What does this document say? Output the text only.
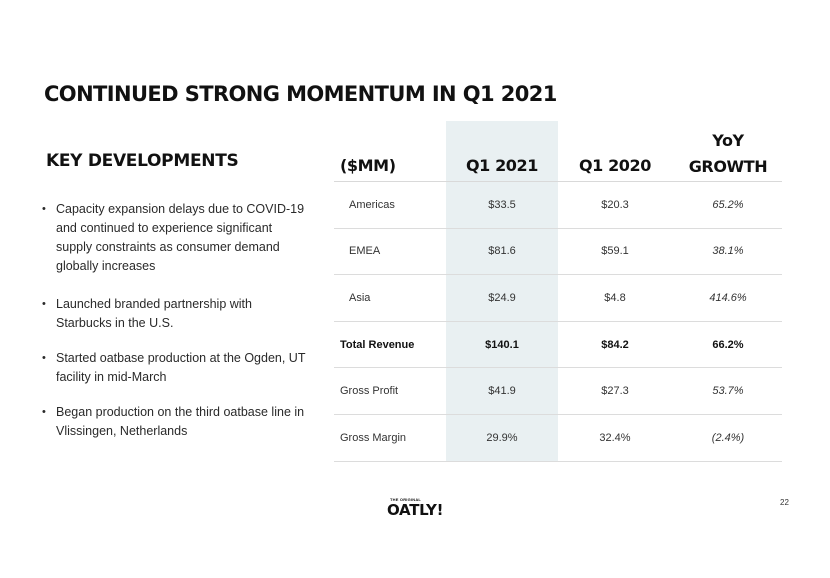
CONTINUED STRONG MOMENTUM IN Q1 2021
KEY DEVELOPMENTS
• Capacity expansion delays due to COVID-19 and continued to experience significant supply constraints as consumer demand globally increases
• Launched branded partnership with Starbucks in the U.S.
• Started oatbase production at the Ogden, UT facility in mid-March
• Began production on the third oatbase line in Vlissingen, Netherlands
($MM)	Q1 2021	Q1 2020
YoY
GROWTH
Americas	$33.5	$20.3	65.2%
EMEA	$81.6	$59.1	38.1%
Asia	$24.9	$4.8	414.6%
Total Revenue	$140.1	$84.2	66.2%
Gross Profit	$41.9	$27.3	53.7%
Gross Margin	29.9%	32.4%	(2.4%)
THE ORIGINAL
OATLY!	22
